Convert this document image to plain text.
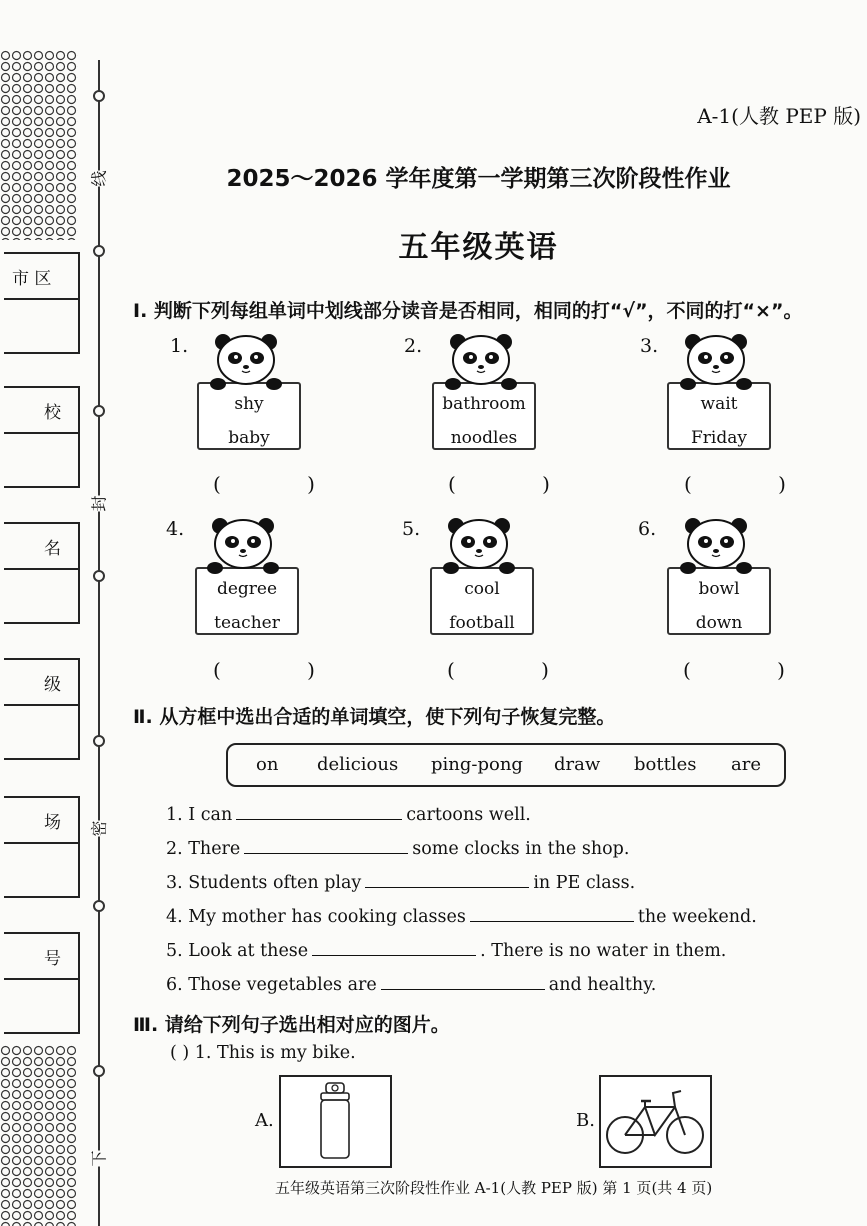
市 区
校
名
级
场
号
线
封
密
下
A-1(人教 PEP 版)
2025～2026 学年度第一学期第三次阶段性作业
五年级英语
Ⅰ. 判断下列每组单词中划线部分读音是否相同，相同的打“√”，不同的打“×”。
1.
shy
baby
2.
bathroom
noodles
3.
wait
Friday
4.
degree
teacher
5.
cool
football
6.
bowl
down
( )	( )	( )
( )	( )	( )
Ⅱ. 从方框中选出合适的单词填空，使下列句子恢复完整。
on delicious ping-pong draw bottles are
1. I can	cartoons well.
2. There	some clocks in the shop.
3. Students often play	in PE class.
4. My mother has cooking classes	the weekend.
5. Look at these	. There is no water in them.
6. Those vegetables are	and healthy.
Ⅲ. 请给下列句子选出相对应的图片。
( ) 1. This is my bike.
A.	B.
五年级英语第三次阶段性作业 A-1(人教 PEP 版) 第 1 页(共 4 页)
